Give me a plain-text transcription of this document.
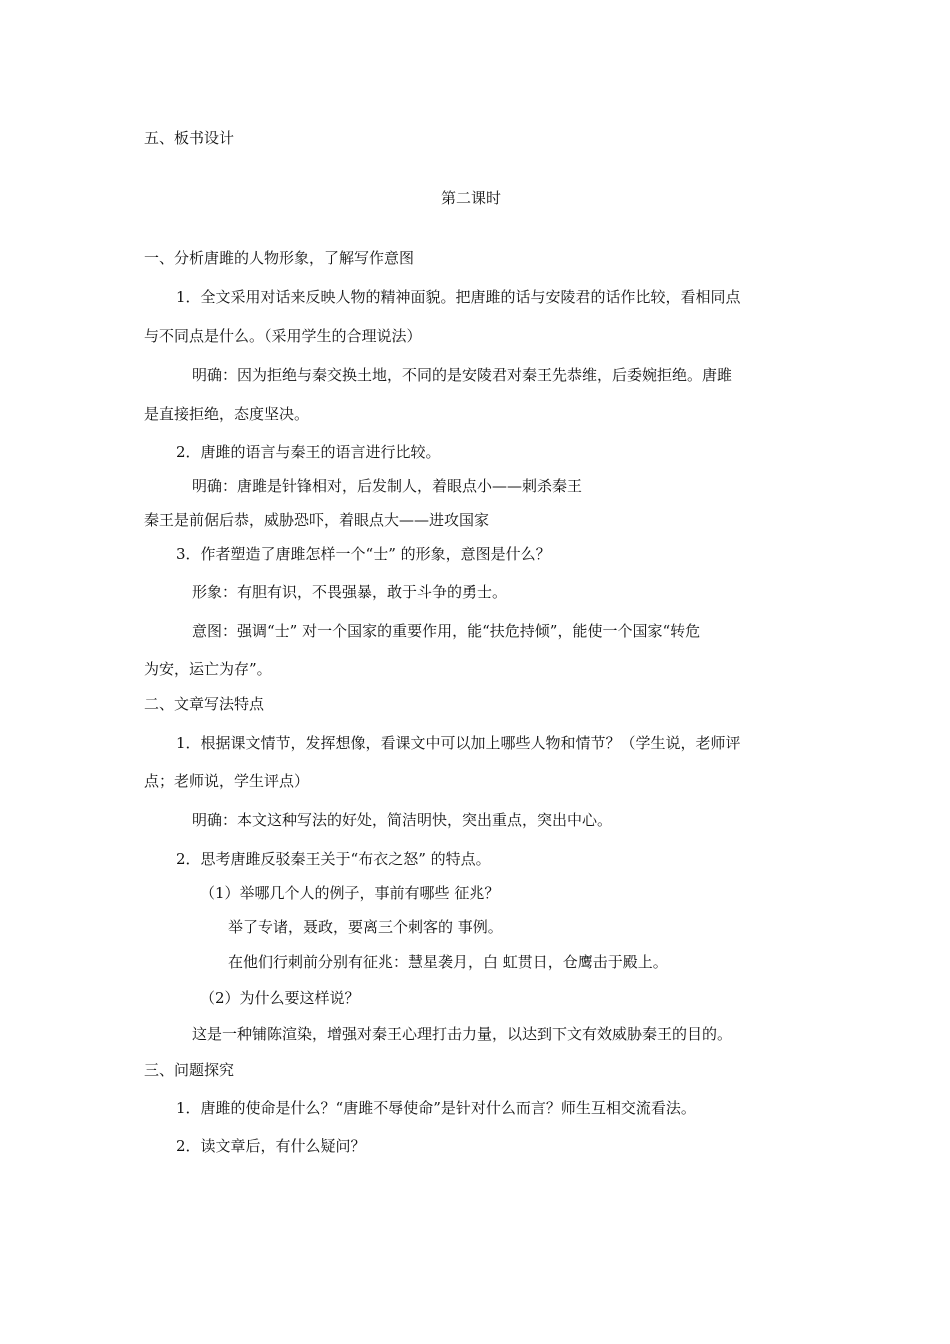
五、板书设计
第二课时
一、分析唐雎的人物形象，了解写作意图
1．全文采用对话来反映人物的精神面貌。把唐雎的话与安陵君的话作比较，看相同点
与不同点是什么。（采用学生的合理说法）
明确：因为拒绝与秦交换土地，不同的是安陵君对秦王先恭维，后委婉拒绝。唐雎
是直接拒绝，态度坚决。
2．唐雎的语言与秦王的语言进行比较。
明确：唐雎是针锋相对，后发制人，着眼点小——刺杀秦王
秦王是前倨后恭，威胁恐吓，着眼点大——进攻国家
3．作者塑造了唐雎怎样一个“士” 的形象，意图是什么？
形象：有胆有识，不畏强暴，敢于斗争的勇士。
意图：强调“士” 对一个国家的重要作用，能“扶危持倾”，能使一个国家“转危
为安，运亡为存”。
二、文章写法特点
1．根据课文情节，发挥想像，看课文中可以加上哪些人物和情节？（学生说，老师评
点；老师说，学生评点）
明确：本文这种写法的好处，简洁明快，突出重点，突出中心。
2．思考唐雎反驳秦王关于“布衣之怒” 的特点。
（1）举哪几个人的例子，事前有哪些 征兆？
举了专诸，聂政，要离三个刺客的 事例。
在他们行刺前分别有征兆：慧星袭月，白 虹贯日，仓鹰击于殿上。
（2）为什么要这样说？
这是一种铺陈渲染，增强对秦王心理打击力量，以达到下文有效威胁秦王的目的。
三、问题探究
1．唐雎的使命是什么？“唐雎不辱使命”是针对什么而言？师生互相交流看法。
2．读文章后，有什么疑问？
